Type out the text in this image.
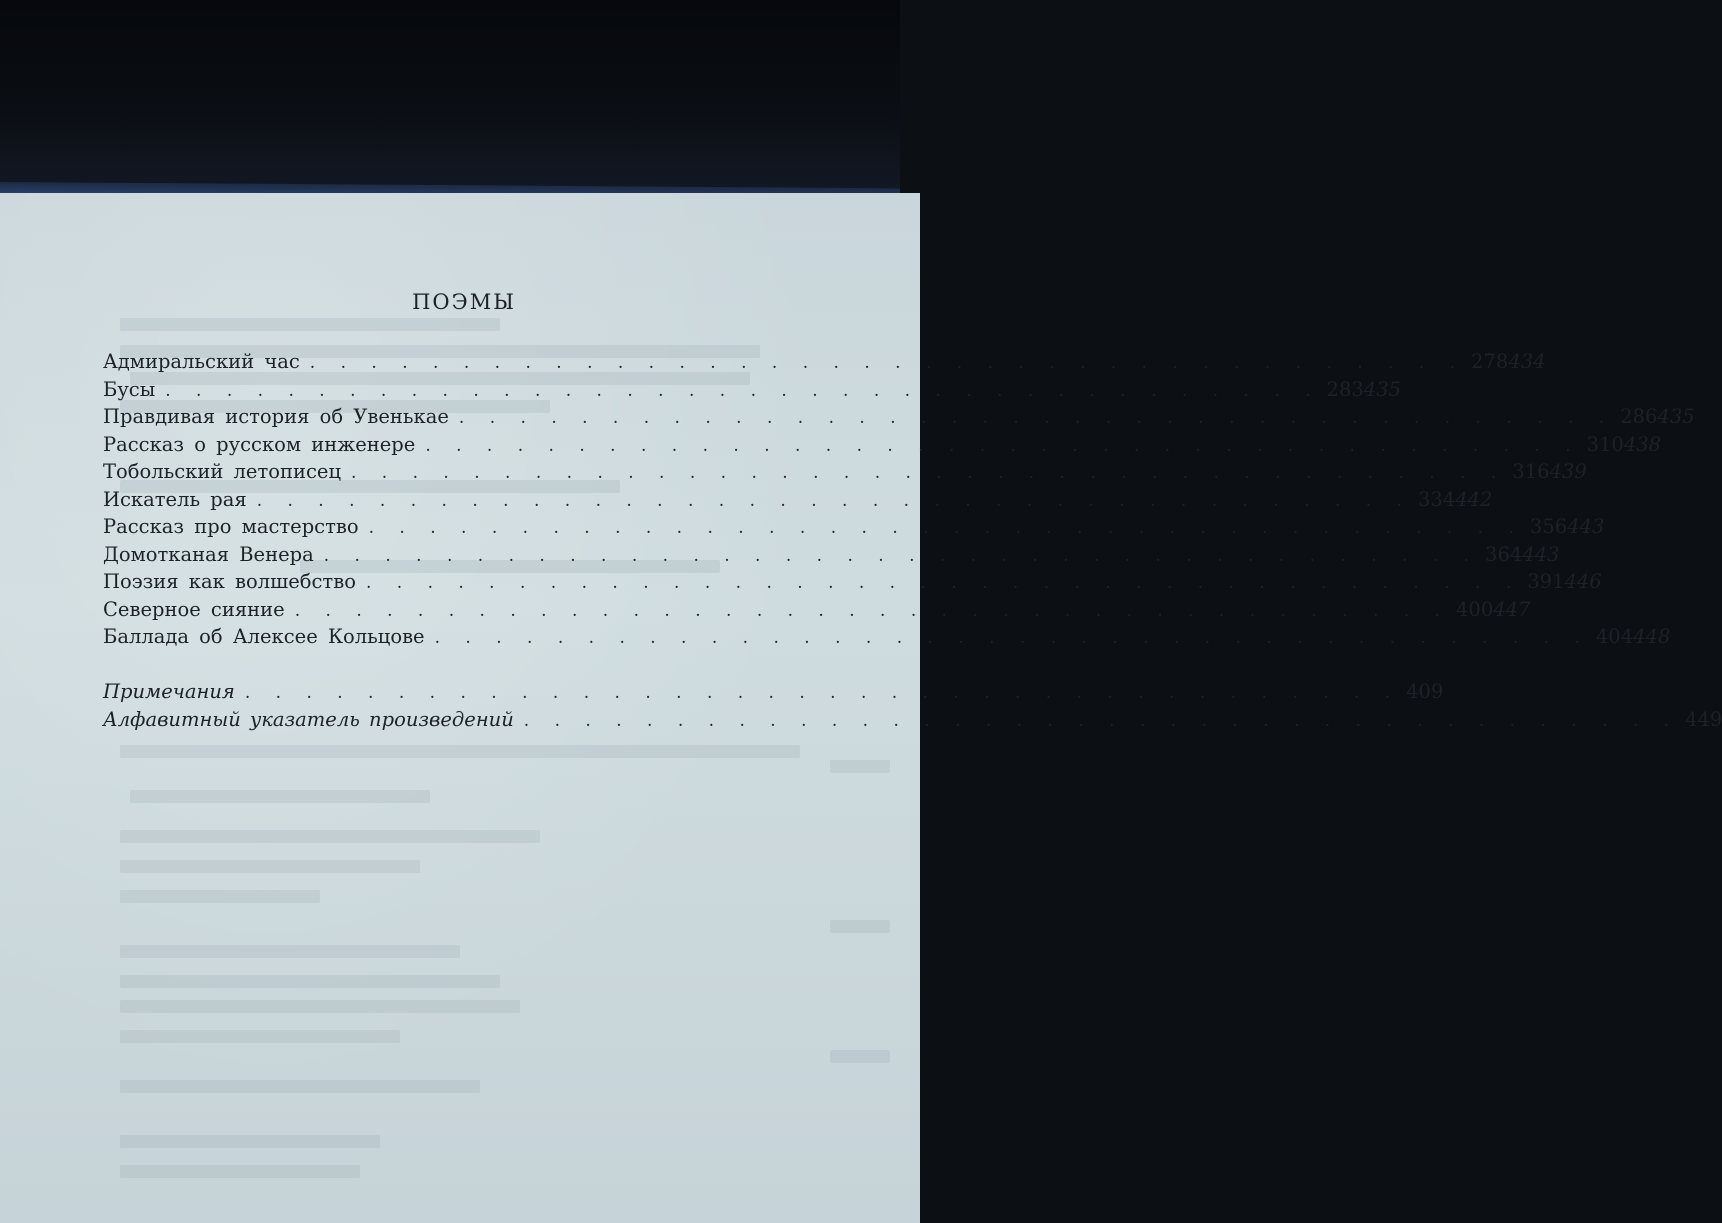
ПОЭМЫ
Адмиральский час . . . . . . . . . . . . . . . . . . . . . . . . . . . . . . . . . . . . . . 278 434
Бусы . . . . . . . . . . . . . . . . . . . . . . . . . . . . . . . . . . . . . . 283 435
Правдивая история об Увенькае . . . . . . . . . . . . . . . . . . . . . . . . . . . . . . . . . . . . . . 286 435
Рассказ о русском инженере . . . . . . . . . . . . . . . . . . . . . . . . . . . . . . . . . . . . . . 310 438
Тобольский летописец . . . . . . . . . . . . . . . . . . . . . . . . . . . . . . . . . . . . . . 316 439
Искатель рая . . . . . . . . . . . . . . . . . . . . . . . . . . . . . . . . . . . . . . 334 442
Рассказ про мастерство . . . . . . . . . . . . . . . . . . . . . . . . . . . . . . . . . . . . . . 356 443
Домотканая Венера . . . . . . . . . . . . . . . . . . . . . . . . . . . . . . . . . . . . . . 364 443
Поэзия как волшебство . . . . . . . . . . . . . . . . . . . . . . . . . . . . . . . . . . . . . . 391 446
Северное сияние . . . . . . . . . . . . . . . . . . . . . . . . . . . . . . . . . . . . . . 400 447
Баллада об Алексее Кольцове . . . . . . . . . . . . . . . . . . . . . . . . . . . . . . . . . . . . . . 404 448
Примечания . . . . . . . . . . . . . . . . . . . . . . . . . . . . . . . . . . . . . . 409
Алфавитный указатель произведений . . . . . . . . . . . . . . . . . . . . . . . . . . . . . . . . . . . . . . 449
